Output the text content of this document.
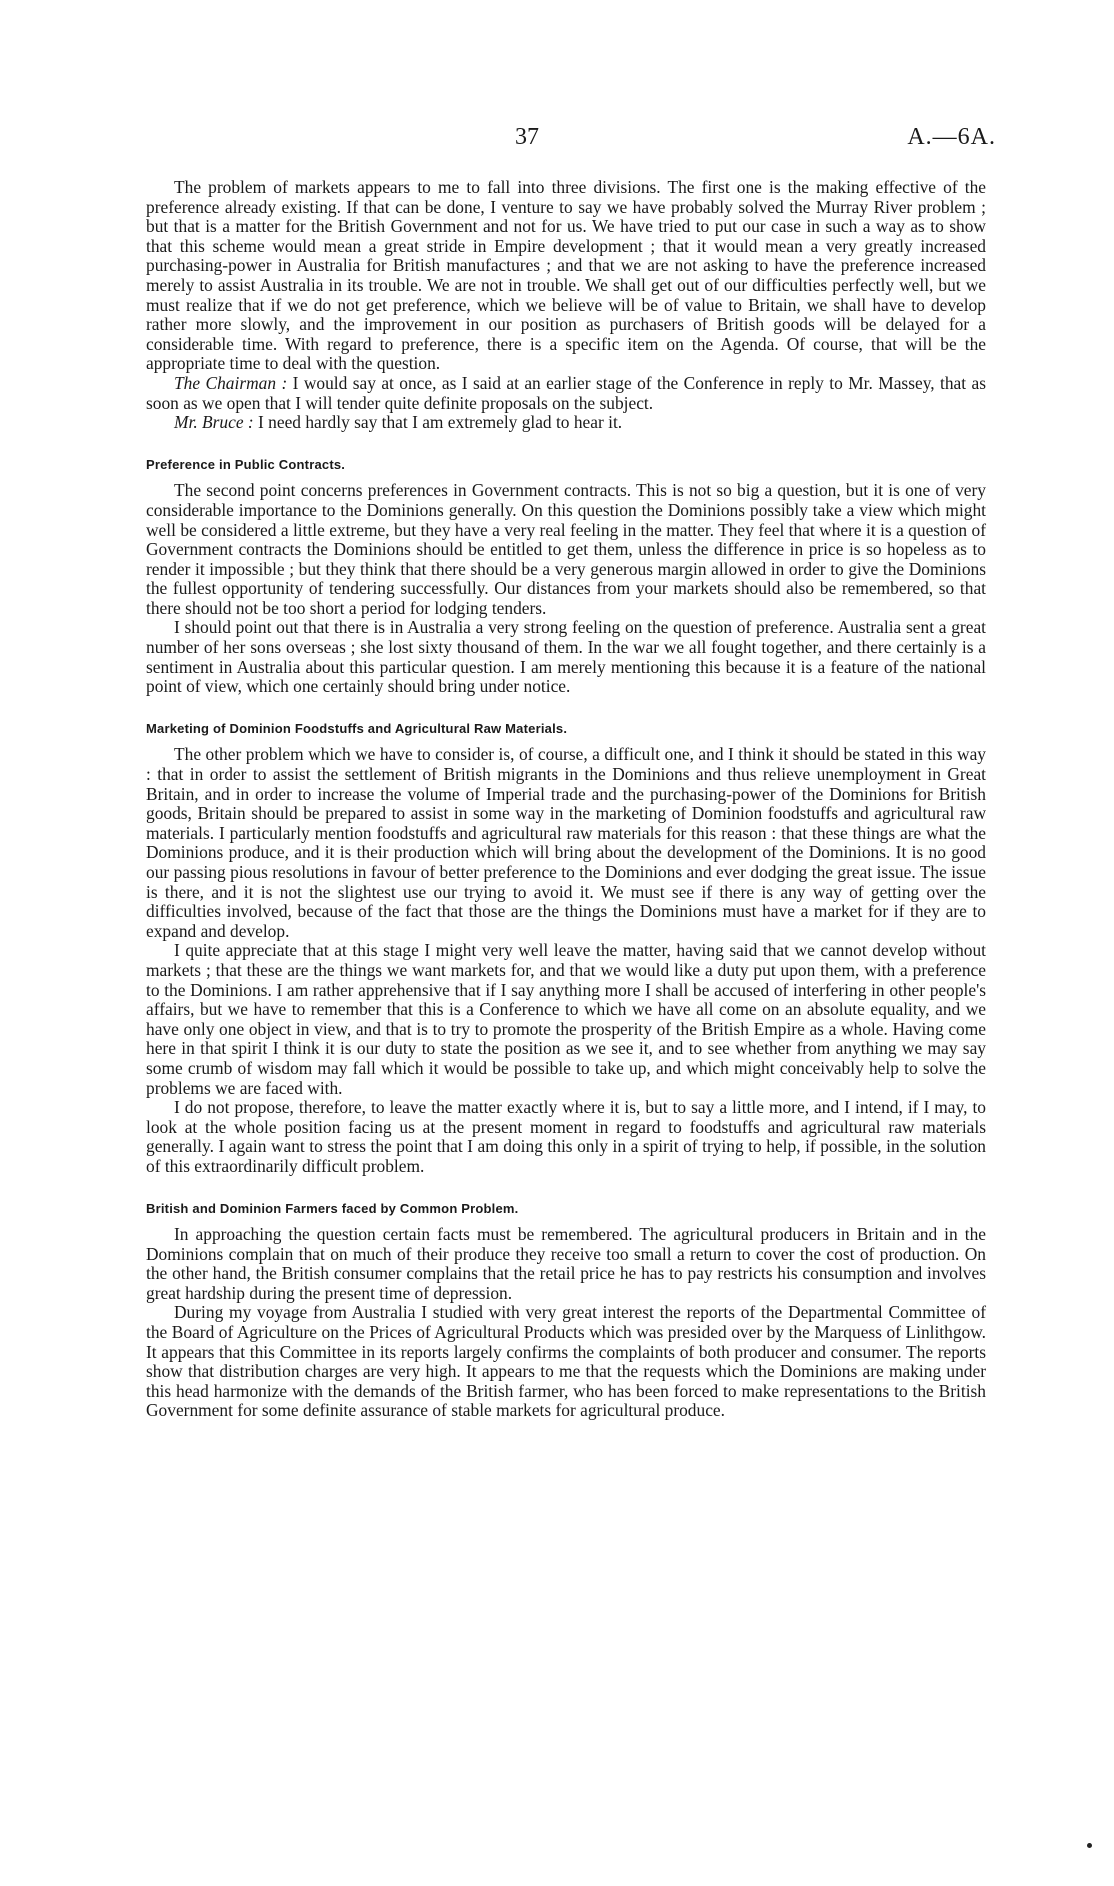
37	A.—6A.

The problem of markets appears to me to fall into three divisions. The first one is the making effective of the preference already existing. If that can be done, I venture to say we have probably solved the Murray River problem ; but that is a matter for the British Government and not for us. We have tried to put our case in such a way as to show that this scheme would mean a great stride in Empire development ; that it would mean a very greatly increased purchasing-power in Australia for British manufactures ; and that we are not asking to have the preference increased merely to assist Australia in its trouble. We are not in trouble. We shall get out of our difficulties perfectly well, but we must realize that if we do not get preference, which we believe will be of value to Britain, we shall have to develop rather more slowly, and the improvement in our position as purchasers of British goods will be delayed for a considerable time. With regard to preference, there is a specific item on the Agenda. Of course, that will be the appropriate time to deal with the question.

The Chairman : I would say at once, as I said at an earlier stage of the Conference in reply to Mr. Massey, that as soon as we open that I will tender quite definite proposals on the subject.

Mr. Bruce : I need hardly say that I am extremely glad to hear it.

Preference in Public Contracts.

The second point concerns preferences in Government contracts. This is not so big a question, but it is one of very considerable importance to the Dominions generally. On this question the Dominions possibly take a view which might well be considered a little extreme, but they have a very real feeling in the matter. They feel that where it is a question of Government contracts the Dominions should be entitled to get them, unless the difference in price is so hopeless as to render it impossible ; but they think that there should be a very generous margin allowed in order to give the Dominions the fullest opportunity of tendering successfully. Our distances from your markets should also be remembered, so that there should not be too short a period for lodging tenders.

I should point out that there is in Australia a very strong feeling on the question of preference. Australia sent a great number of her sons overseas ; she lost sixty thousand of them. In the war we all fought together, and there certainly is a sentiment in Australia about this particular question. I am merely mentioning this because it is a feature of the national point of view, which one certainly should bring under notice.

Marketing of Dominion Foodstuffs and Agricultural Raw Materials.

The other problem which we have to consider is, of course, a difficult one, and I think it should be stated in this way : that in order to assist the settlement of British migrants in the Dominions and thus relieve unemployment in Great Britain, and in order to increase the volume of Imperial trade and the purchasing-power of the Dominions for British goods, Britain should be prepared to assist in some way in the marketing of Dominion foodstuffs and agricultural raw materials. I particularly mention foodstuffs and agricultural raw materials for this reason : that these things are what the Dominions produce, and it is their production which will bring about the development of the Dominions. It is no good our passing pious resolutions in favour of better preference to the Dominions and ever dodging the great issue. The issue is there, and it is not the slightest use our trying to avoid it. We must see if there is any way of getting over the difficulties involved, because of the fact that those are the things the Dominions must have a market for if they are to expand and develop.

I quite appreciate that at this stage I might very well leave the matter, having said that we cannot develop without markets ; that these are the things we want markets for, and that we would like a duty put upon them, with a preference to the Dominions. I am rather apprehensive that if I say anything more I shall be accused of interfering in other people's affairs, but we have to remember that this is a Conference to which we have all come on an absolute equality, and we have only one object in view, and that is to try to promote the prosperity of the British Empire as a whole. Having come here in that spirit I think it is our duty to state the position as we see it, and to see whether from anything we may say some crumb of wisdom may fall which it would be possible to take up, and which might conceivably help to solve the problems we are faced with.

I do not propose, therefore, to leave the matter exactly where it is, but to say a little more, and I intend, if I may, to look at the whole position facing us at the present moment in regard to foodstuffs and agricultural raw materials generally. I again want to stress the point that I am doing this only in a spirit of trying to help, if possible, in the solution of this extraordinarily difficult problem.

British and Dominion Farmers faced by Common Problem.

In approaching the question certain facts must be remembered. The agricultural producers in Britain and in the Dominions complain that on much of their produce they receive too small a return to cover the cost of production. On the other hand, the British consumer complains that the retail price he has to pay restricts his consumption and involves great hardship during the present time of depression.

During my voyage from Australia I studied with very great interest the reports of the Departmental Committee of the Board of Agriculture on the Prices of Agricultural Products which was presided over by the Marquess of Linlithgow. It appears that this Committee in its reports largely confirms the complaints of both producer and consumer. The reports show that distribution charges are very high. It appears to me that the requests which the Dominions are making under this head harmonize with the demands of the British farmer, who has been forced to make representations to the British Government for some definite assurance of stable markets for agricultural produce.
